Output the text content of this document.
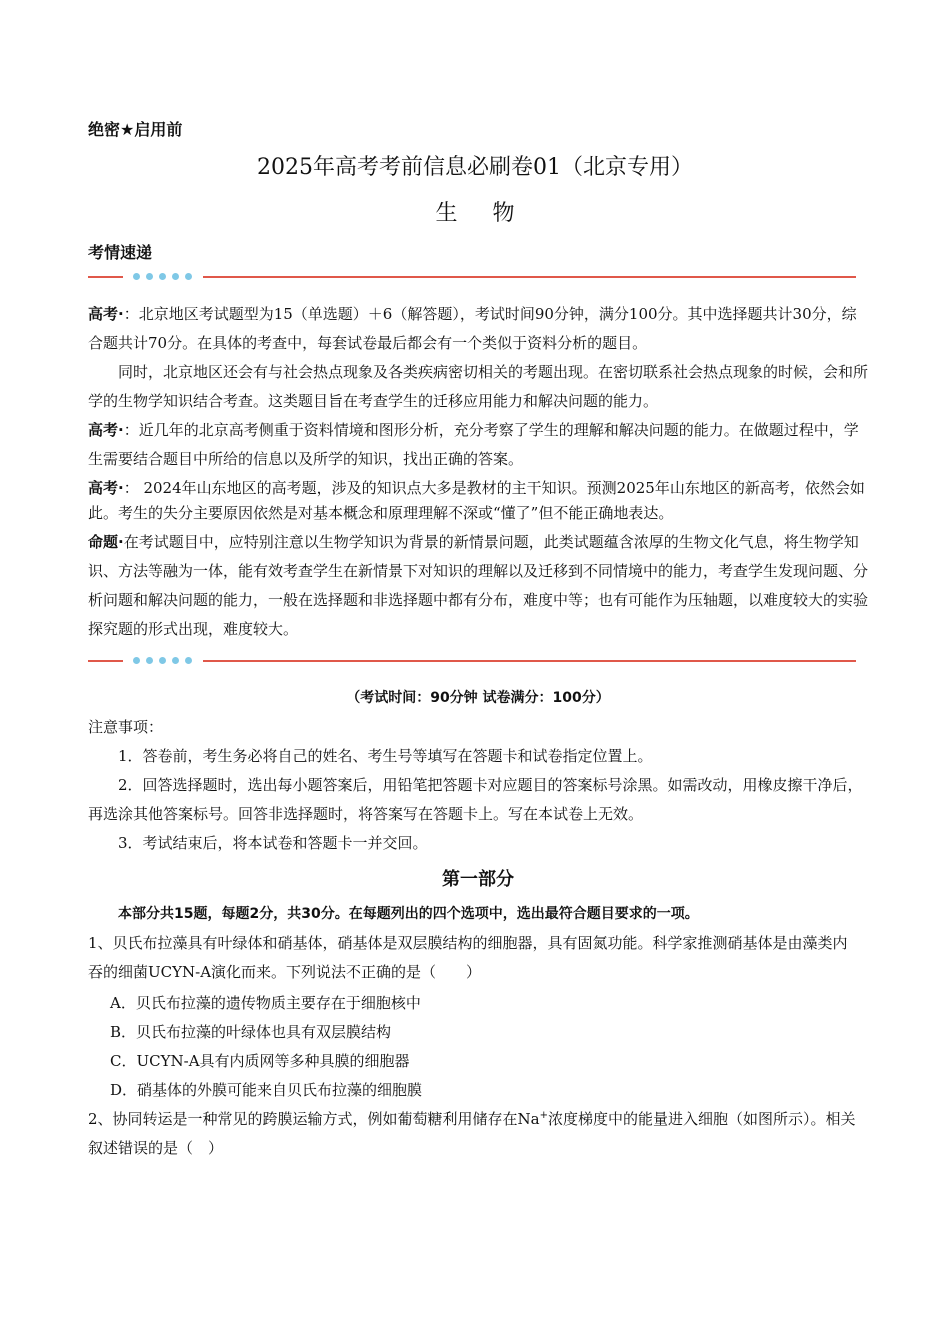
绝密★启用前
2025年高考考前信息必刷卷01（北京专用）
生 物
考情速递

高考·：北京地区考试题型为15（单选题）＋6（解答题），考试时间90分钟，满分100分。其中选择题共计30分，综合题共计70分。在具体的考查中，每套试卷最后都会有一个类似于资料分析的题目。

同时，北京地区还会有与社会热点现象及各类疾病密切相关的考题出现。在密切联系社会热点现象的时候，会和所学的生物学知识结合考查。这类题目旨在考查学生的迁移应用能力和解决问题的能力。

高考·：近几年的北京高考侧重于资料情境和图形分析，充分考察了学生的理解和解决问题的能力。在做题过程中，学生需要结合题目中所给的信息以及所学的知识，找出正确的答案。

高考·： 2024年山东地区的高考题，涉及的知识点大多是教材的主干知识。预测2025年山东地区的新高考，依然会如此。考生的失分主要原因依然是对基本概念和原理理解不深或“懂了”但不能正确地表达。

命题·在考试题目中，应特别注意以生物学知识为背景的新情景问题，此类试题蕴含浓厚的生物文化气息，将生物学知识、方法等融为一体，能有效考查学生在新情景下对知识的理解以及迁移到不同情境中的能力，考查学生发现问题、分析问题和解决问题的能力，一般在选择题和非选择题中都有分布，难度中等；也有可能作为压轴题，以难度较大的实验探究题的形式出现，难度较大。

（考试时间：90分钟 试卷满分：100分）

注意事项：

1．答卷前，考生务必将自己的姓名、考生号等填写在答题卡和试卷指定位置上。

2．回答选择题时，选出每小题答案后，用铅笔把答题卡对应题目的答案标号涂黑。如需改动，用橡皮擦干净后，再选涂其他答案标号。回答非选择题时，将答案写在答题卡上。写在本试卷上无效。

3．考试结束后，将本试卷和答题卡一并交回。

第一部分

本部分共15题，每题2分，共30分。在每题列出的四个选项中，选出最符合题目要求的一项。

1、贝氏布拉藻具有叶绿体和硝基体，硝基体是双层膜结构的细胞器，具有固氮功能。科学家推测硝基体是由藻类内吞的细菌UCYN-A演化而来。下列说法不正确的是（　　）

A．贝氏布拉藻的遗传物质主要存在于细胞核中

B．贝氏布拉藻的叶绿体也具有双层膜结构

C．UCYN-A具有内质网等多种具膜的细胞器

D．硝基体的外膜可能来自贝氏布拉藻的细胞膜

2、协同转运是一种常见的跨膜运输方式，例如葡萄糖利用储存在Na+浓度梯度中的能量进入细胞（如图所示）。相关叙述错误的是（　）
